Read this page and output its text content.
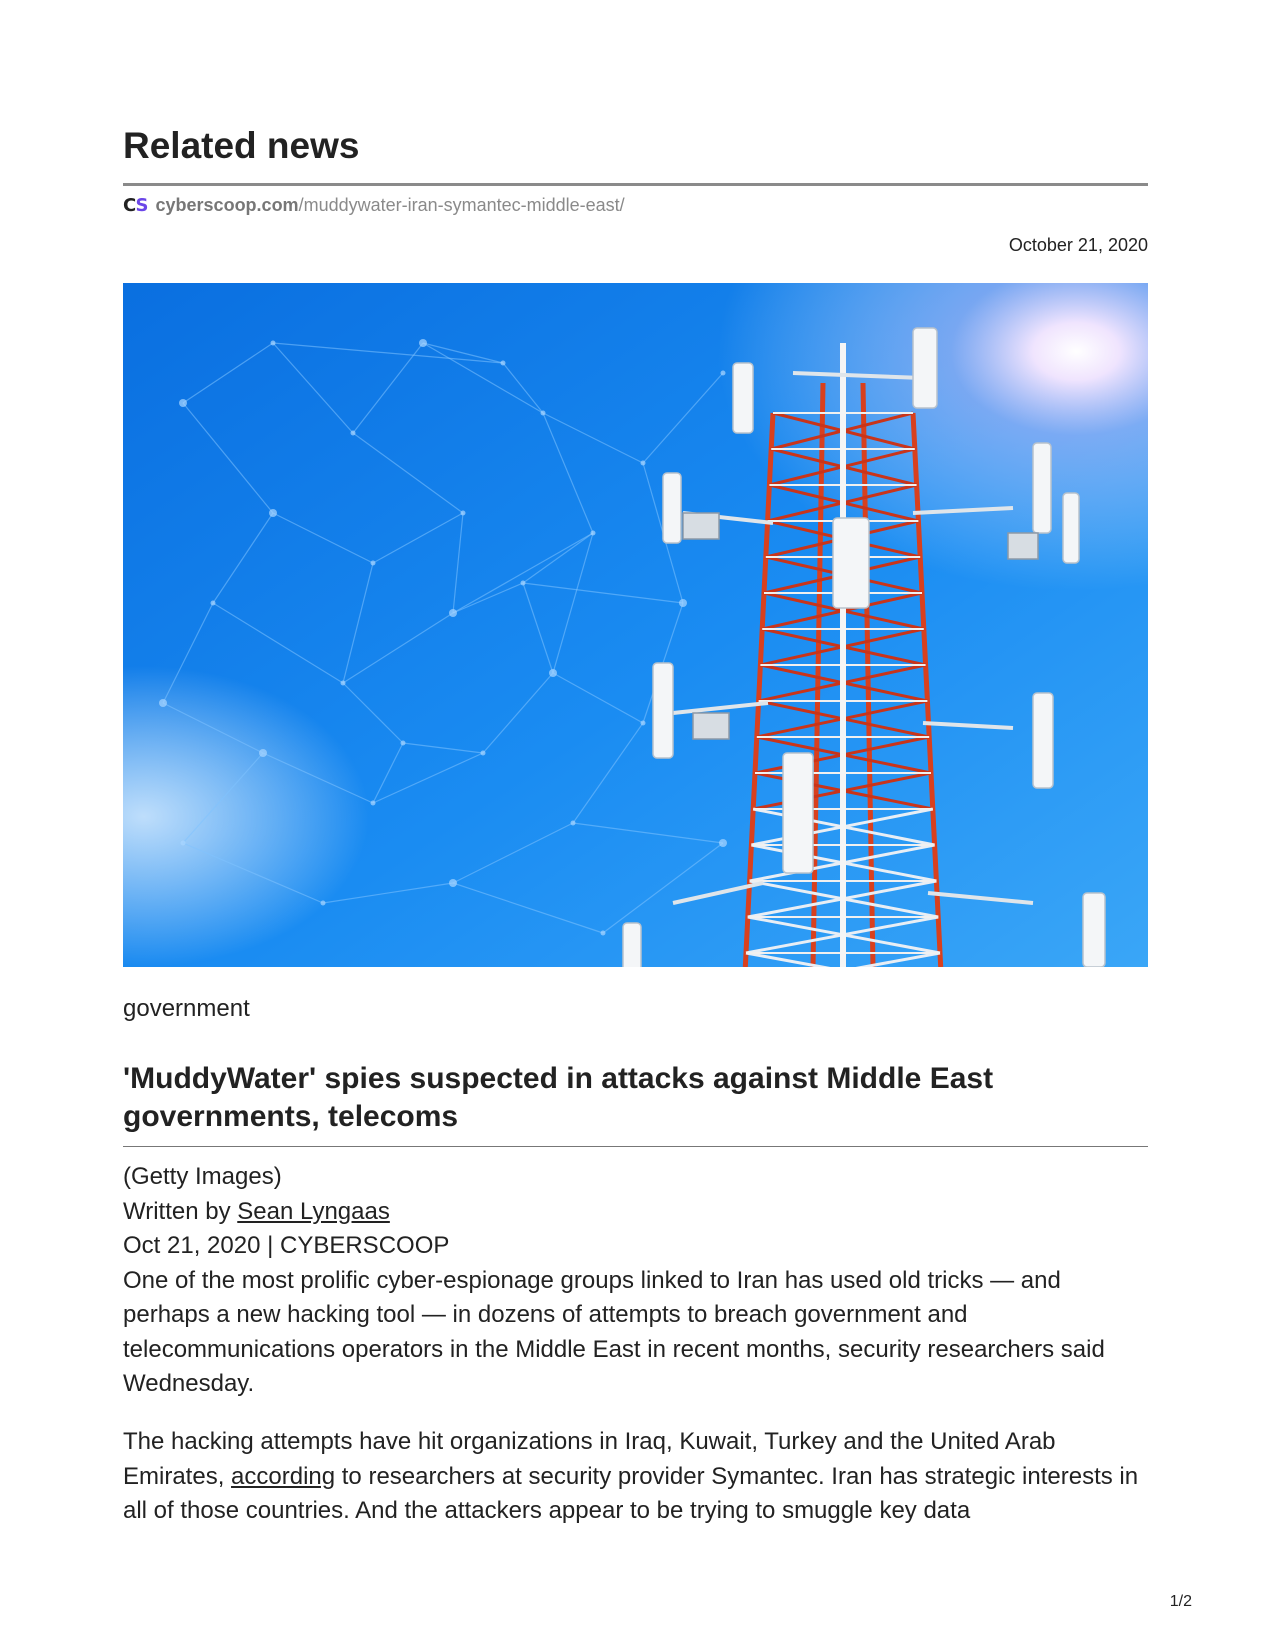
Related news
CS cyberscoop.com /muddywater-iran-symantec-middle-east/
October 21, 2020
government
'MuddyWater' spies suspected in attacks against Middle East governments, telecoms
(Getty Images)
Written by Sean Lyngaas
Oct 21, 2020 | CYBERSCOOP

One of the most prolific cyber-espionage groups linked to Iran has used old tricks — and perhaps a new hacking tool — in dozens of attempts to breach government and telecommunications operators in the Middle East in recent months, security researchers said Wednesday.

The hacking attempts have hit organizations in Iraq, Kuwait, Turkey and the United Arab Emirates, according to researchers at security provider Symantec. Iran has strategic interests in all of those countries. And the attackers appear to be trying to smuggle key data

1/2
